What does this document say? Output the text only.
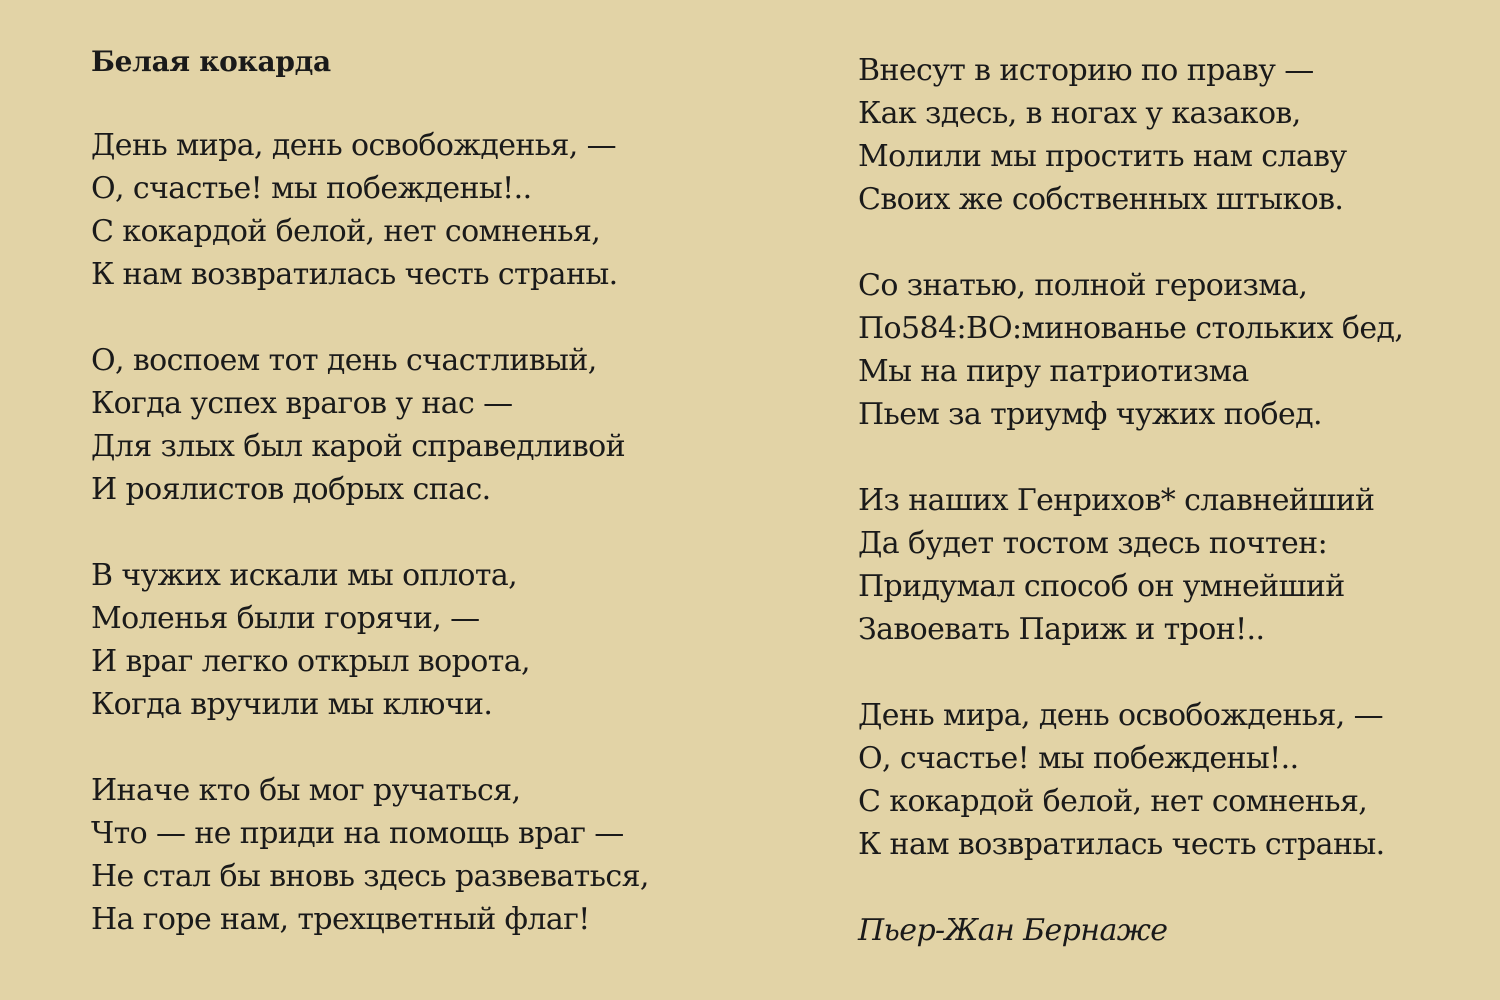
Белая кокарда
День мира, день освобожденья, —
О, счастье! мы побеждены!..
С кокардой белой, нет сомненья,
К нам возвратилась честь страны.
О, воспоем тот день счастливый,
Когда успех врагов у нас —
Для злых был карой справедливой
И роялистов добрых спас.
В чужих искали мы оплота,
Моленья были горячи, —
И враг легко открыл ворота,
Когда вручили мы ключи.
Иначе кто бы мог ручаться,
Что — не приди на помощь враг —
Не стал бы вновь здесь развеваться,
На горе нам, трехцветный флаг!
Внесут в историю по праву —
Как здесь, в ногах у казаков,
Молили мы простить нам славу
Своих же собственных штыков.
Со знатью, полной героизма,
По584:BO:миновaнье стольких бед,
Мы на пиру патриотизма
Пьем за триумф чужих побед.
Из наших Генрихов* славнейший
Да будет тостом здесь почтен:
Придумал способ он умнейший
Завоевать Париж и трон!..
День мира, день освобожденья, —
О, счастье! мы побеждены!..
С кокардой белой, нет сомненья,
К нам возвратилась честь страны.
Пьер-Жан Бернаже
